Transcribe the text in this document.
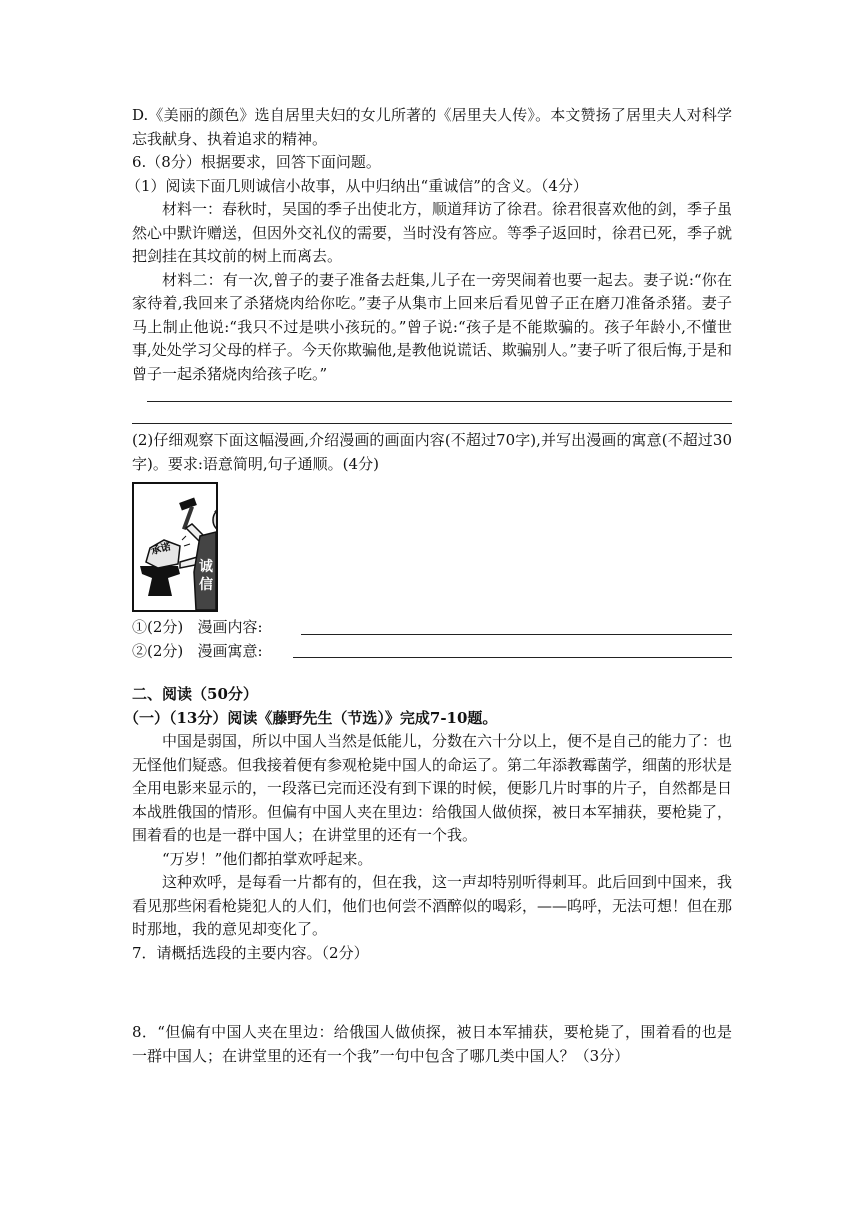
D.《美丽的颜色》选自居里夫妇的女儿所著的《居里夫人传》。本文赞扬了居里夫人对科学忘我献身、执着追求的精神。

6.（8分）根据要求，回答下面问题。

（1）阅读下面几则诚信小故事，从中归纳出“重诚信”的含义。（4分）

材料一：春秋时，吴国的季子出使北方，顺道拜访了徐君。徐君很喜欢他的剑，季子虽然心中默许赠送，但因外交礼仪的需要，当时没有答应。等季子返回时，徐君已死，季子就把剑挂在其坟前的树上而离去。

材料二：有一次,曾子的妻子准备去赶集,儿子在一旁哭闹着也要一起去。妻子说:“你在家待着,我回来了杀猪烧肉给你吃。”妻子从集市上回来后看见曾子正在磨刀准备杀猪。妻子马上制止他说:“我只不过是哄小孩玩的。”曾子说:“孩子是不能欺骗的。孩子年龄小,不懂世事,处处学习父母的样子。今天你欺骗他,是教他说谎话、欺骗别人。”妻子听了很后悔,于是和曾子一起杀猪烧肉给孩子吃。”

(2)仔细观察下面这幅漫画,介绍漫画的画面内容(不超过70字),并写出漫画的寓意(不超过30字)。要求:语意简明,句子通顺。(4分)

承诺
诚信
①(2分)   漫画内容:
②(2分)   漫画寓意:

二、阅读（50分）

（一）（13分）阅读《藤野先生（节选）》完成7-10题。

中国是弱国，所以中国人当然是低能儿，分数在六十分以上，便不是自己的能力了：也无怪他们疑惑。但我接着便有参观枪毙中国人的命运了。第二年添教霉菌学，细菌的形状是全用电影来显示的，一段落已完而还没有到下课的时候，便影几片时事的片子，自然都是日本战胜俄国的情形。但偏有中国人夹在里边：给俄国人做侦探，被日本军捕获，要枪毙了，围着看的也是一群中国人；在讲堂里的还有一个我。

“万岁！”他们都拍掌欢呼起来。

这种欢呼，是每看一片都有的，但在我，这一声却特别听得刺耳。此后回到中国来，我看见那些闲看枪毙犯人的人们，他们也何尝不酒醉似的喝彩，——呜呼，无法可想！但在那时那地，我的意见却变化了。

7．请概括选段的主要内容。（2分）

8．“但偏有中国人夹在里边：给俄国人做侦探，被日本军捕获，要枪毙了，围着看的也是一群中国人；在讲堂里的还有一个我”一句中包含了哪几类中国人？（3分）
